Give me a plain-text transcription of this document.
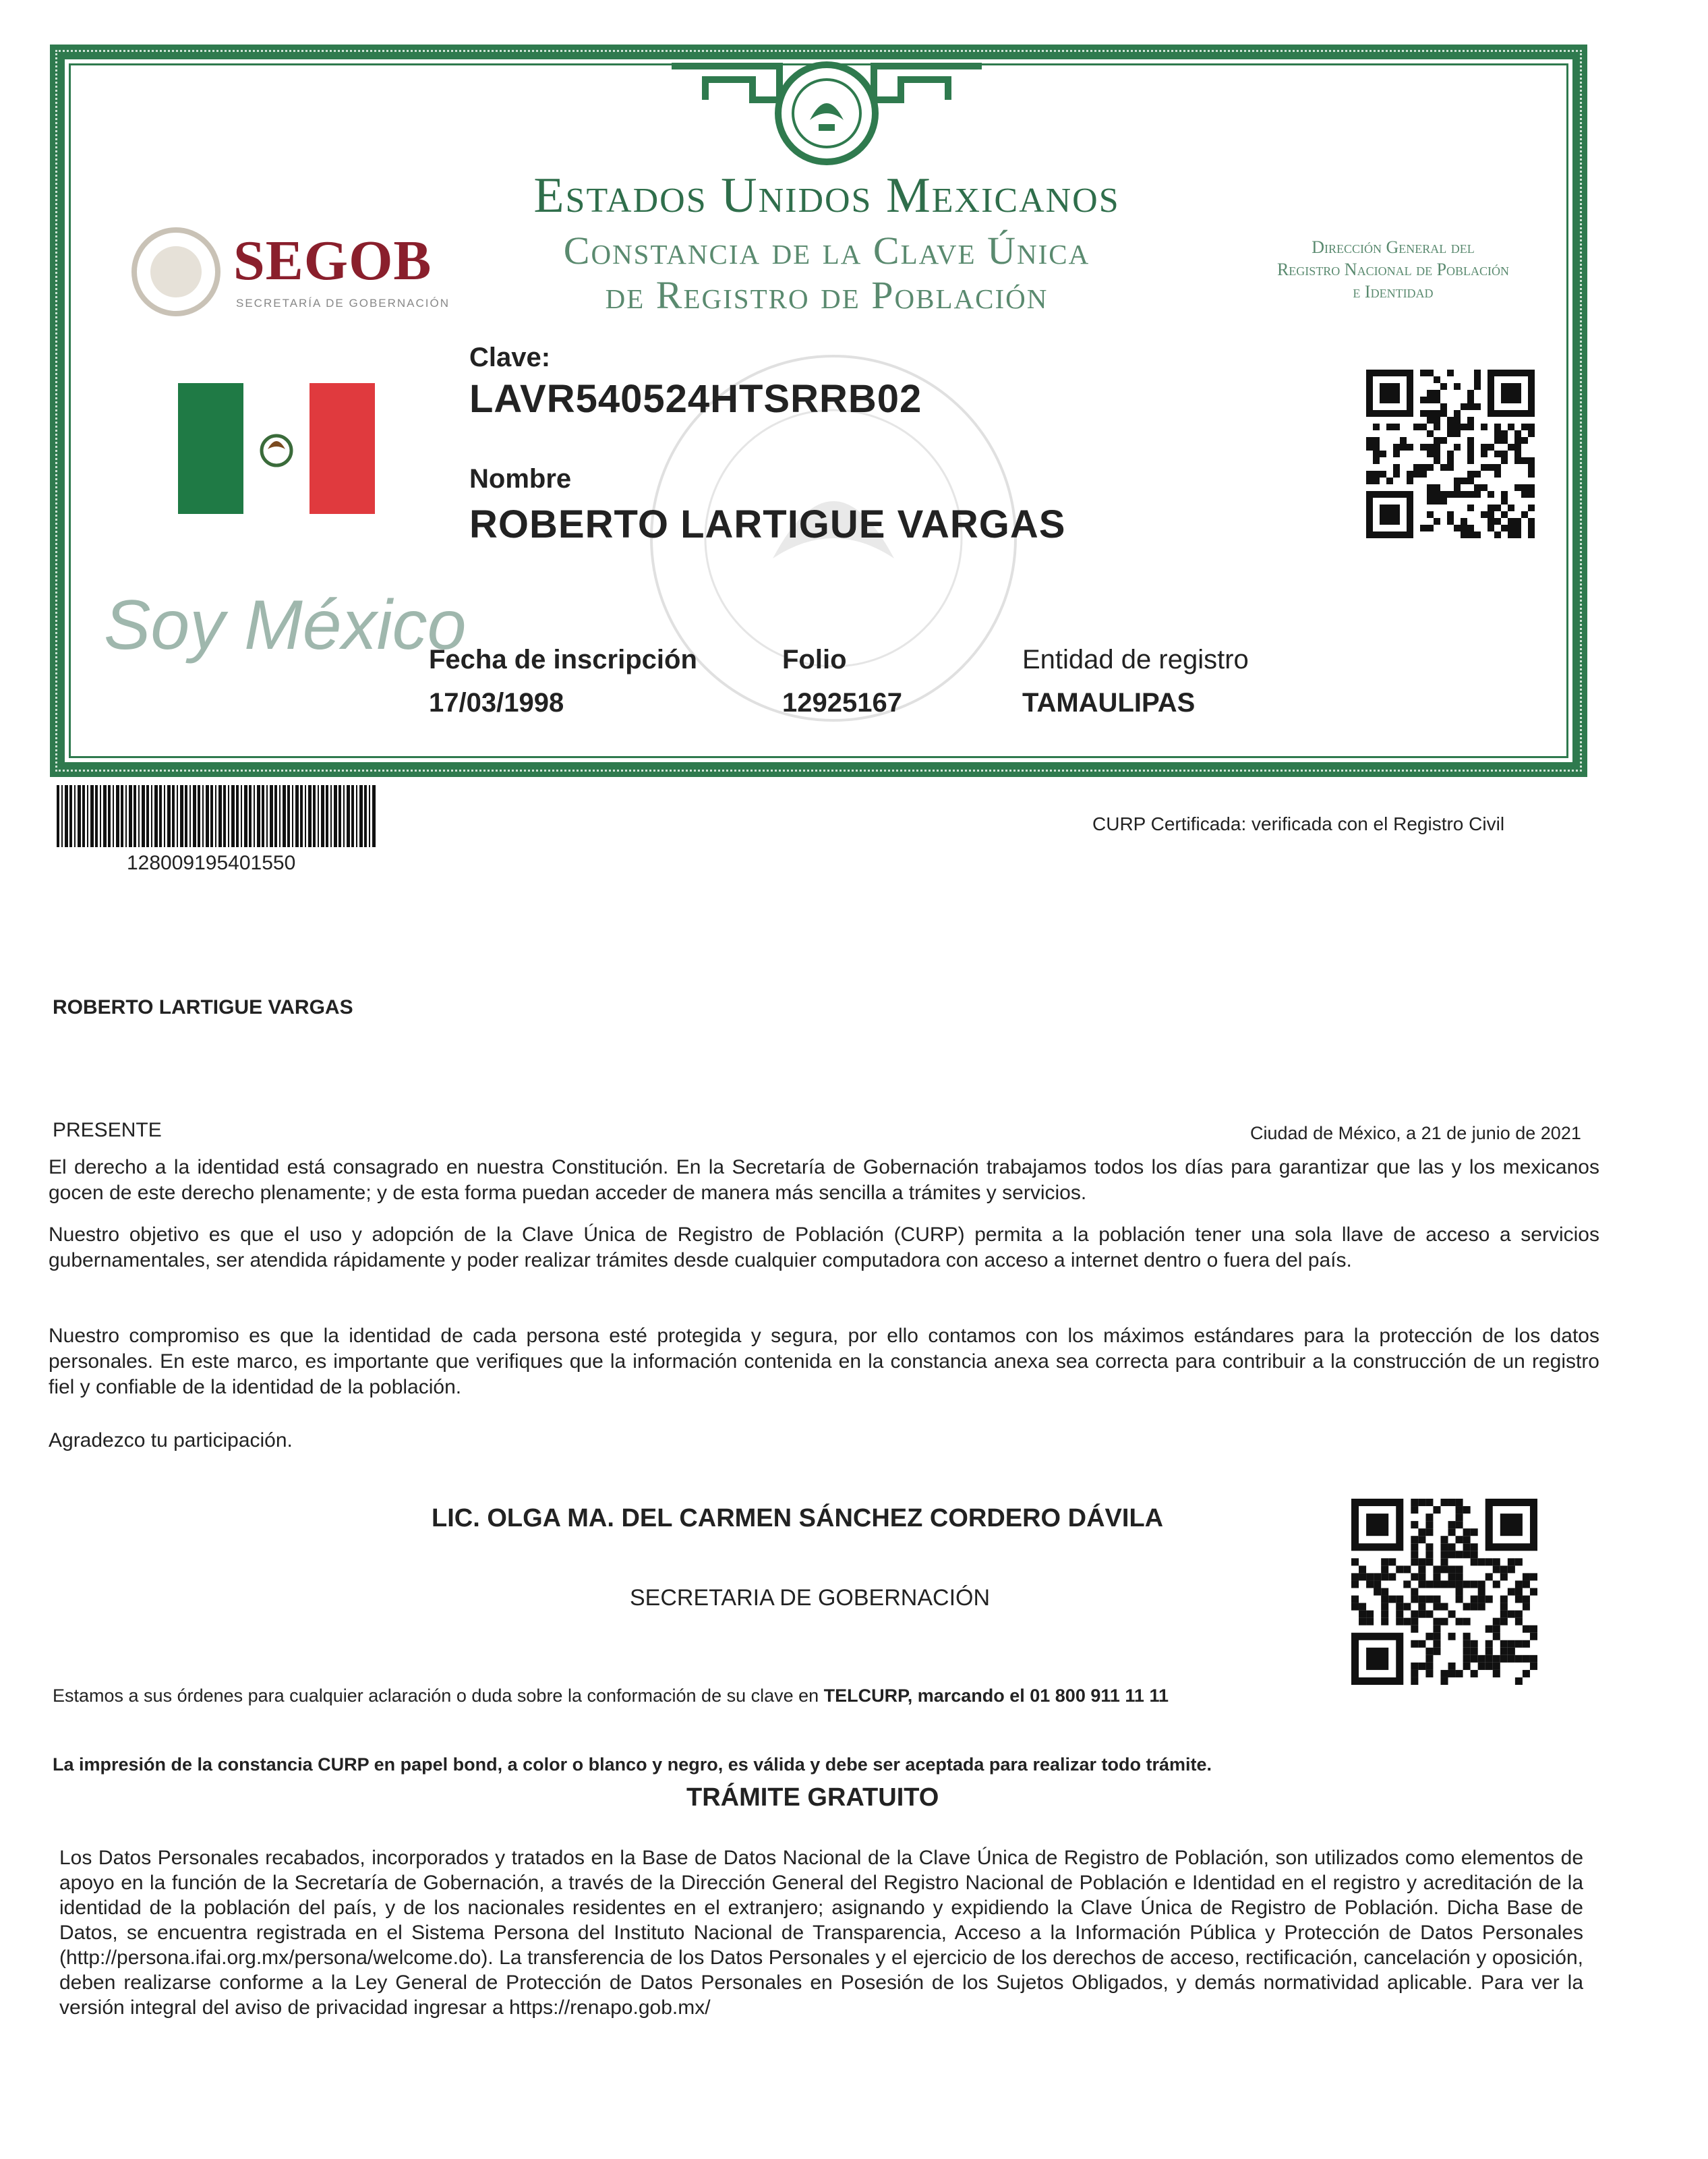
SEGOB
SECRETARÍA DE GOBERNACIÓN
Estados Unidos Mexicanos
Constancia de la Clave Única
de Registro de Población
Dirección General del
Registro Nacional de Población
e Identidad
Clave:
LAVR540524HTSRRB02
Nombre
ROBERTO LARTIGUE VARGAS
Soy México
Fecha de inscripción
17/03/1998
Folio
12925167
Entidad de registro
TAMAULIPAS
128009195401550
CURP Certificada: verificada con el Registro Civil
ROBERTO LARTIGUE VARGAS
PRESENTE	Ciudad de México, a 21 de junio de 2021
El derecho a la identidad está consagrado en nuestra Constitución. En la Secretaría de Gobernación trabajamos todos los días para garantizar que las y los mexicanos gocen de este derecho plenamente; y de esta forma puedan acceder de manera más sencilla a trámites y servicios.
Nuestro objetivo es que el uso y adopción de la Clave Única de Registro de Población (CURP) permita a la población tener una sola llave de acceso a servicios gubernamentales, ser atendida rápidamente y poder realizar trámites desde cualquier computadora con acceso a internet dentro o fuera del país.
Nuestro compromiso es que la identidad de cada persona esté protegida y segura, por ello contamos con los máximos estándares para la protección de los datos personales. En este marco, es importante que verifiques que la información contenida en la constancia anexa sea correcta para contribuir a la construcción de un registro fiel y confiable de la identidad de la población.
Agradezco tu participación.
LIC. OLGA MA. DEL CARMEN SÁNCHEZ CORDERO DÁVILA
SECRETARIA DE GOBERNACIÓN
Estamos a sus órdenes para cualquier aclaración o duda sobre la conformación de su clave en TELCURP, marcando el 01 800 911 11 11
La impresión de la constancia CURP en papel bond, a color o blanco y negro, es válida y debe ser aceptada para realizar todo trámite.
TRÁMITE GRATUITO
Los Datos Personales recabados, incorporados y tratados en la Base de Datos Nacional de la Clave Única de Registro de Población, son utilizados como elementos de apoyo en la función de la Secretaría de Gobernación, a través de la Dirección General del Registro Nacional de Población e Identidad en el registro y acreditación de la identidad de la población del país, y de los nacionales residentes en el extranjero; asignando y expidiendo la Clave Única de Registro de Población. Dicha Base de Datos, se encuentra registrada en el Sistema Persona del Instituto Nacional de Transparencia, Acceso a la Información Pública y Protección de Datos Personales (http://persona.ifai.org.mx/persona/welcome.do). La transferencia de los Datos Personales y el ejercicio de los derechos de acceso, rectificación, cancelación y oposición, deben realizarse conforme a la Ley General de Protección de Datos Personales en Posesión de los Sujetos Obligados, y demás normatividad aplicable. Para ver la versión integral del aviso de privacidad ingresar a https://renapo.gob.mx/
